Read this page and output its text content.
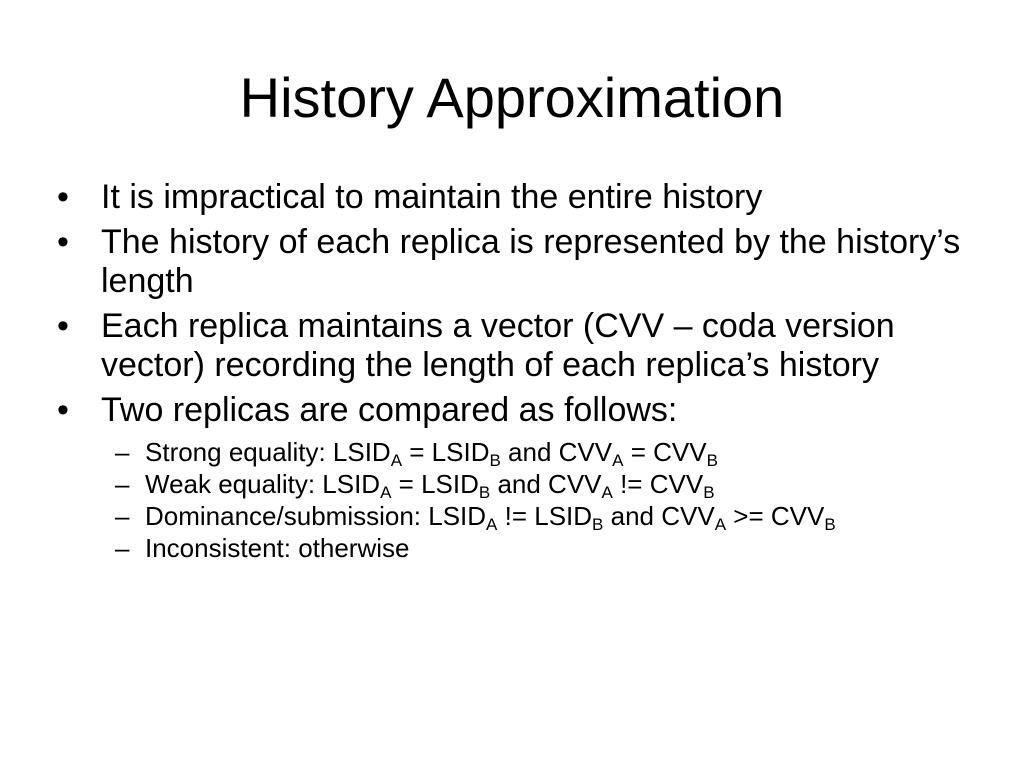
History Approximation
• It is impractical to maintain the entire history
• The history of each replica is represented by the history’s length
• Each replica maintains a vector (CVV – coda version vector) recording the length of each replica’s history
• Two replicas are compared as follows:
– Strong equality: $LSID_A$ = $LSID_B$ and $CVV_A = CVV_B$
– Weak equality: $LSID_A$ = $LSID_B$ and $CVV_A$ != $CVV_B$
– Dominance/submission: $LSID_A$ != $LSID_B$ and $CVV_A >= CVV_B$
– Inconsistent: otherwise
